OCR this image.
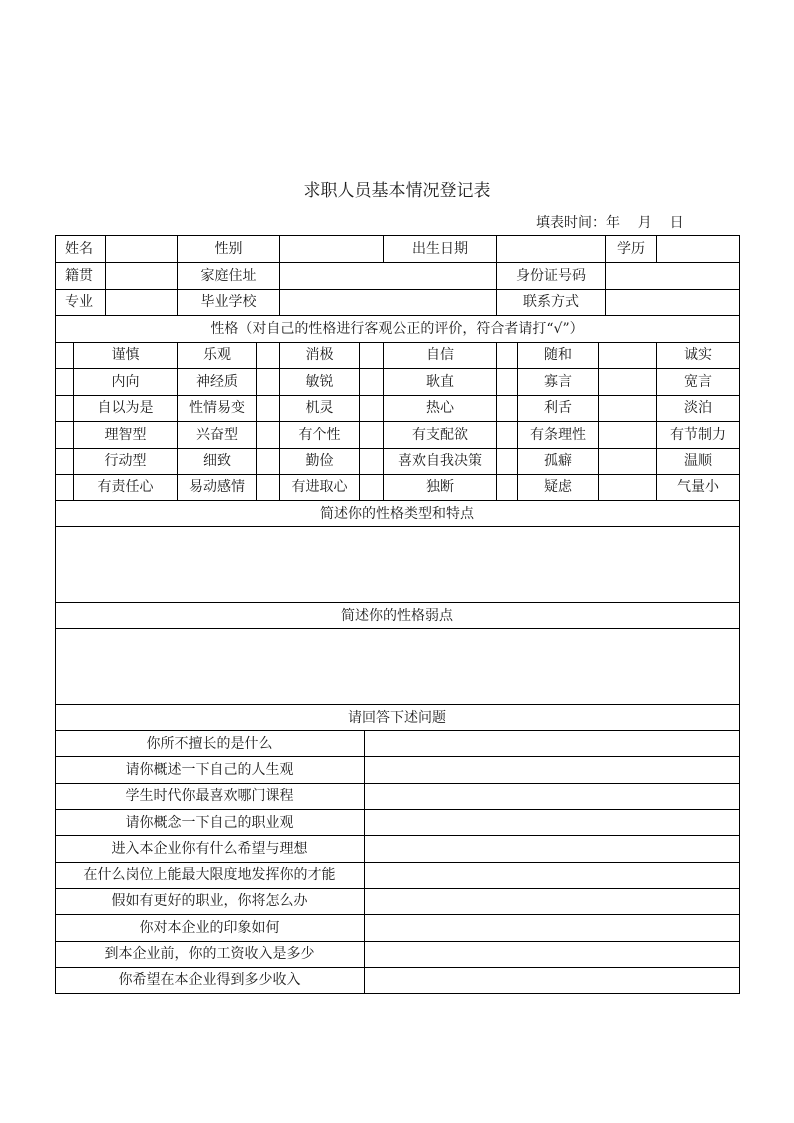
求职人员基本情况登记表
填表时间：年    月    日
姓名	性别	出生日期	学历
籍贯	家庭住址	身份证号码
专业	毕业学校	联系方式
性格（对自己的性格进行客观公正的评价，符合者请打“√”）
谨慎	乐观	消极	自信	随和	诚实
内向	神经质	敏锐	耿直	寡言	宽言
自以为是	性情易变	机灵	热心	利舌	淡泊
理智型	兴奋型	有个性	有支配欲	有条理性	有节制力
行动型	细致	勤俭	喜欢自我决策	孤癖	温顺
有责任心	易动感情	有进取心	独断	疑虑	气量小
简述你的性格类型和特点
简述你的性格弱点
请回答下述问题
你所不擅长的是什么
请你概述一下自己的人生观
学生时代你最喜欢哪门课程
请你概念一下自己的职业观
进入本企业你有什么希望与理想
在什么岗位上能最大限度地发挥你的才能
假如有更好的职业，你将怎么办
你对本企业的印象如何
到本企业前，你的工资收入是多少
你希望在本企业得到多少收入
